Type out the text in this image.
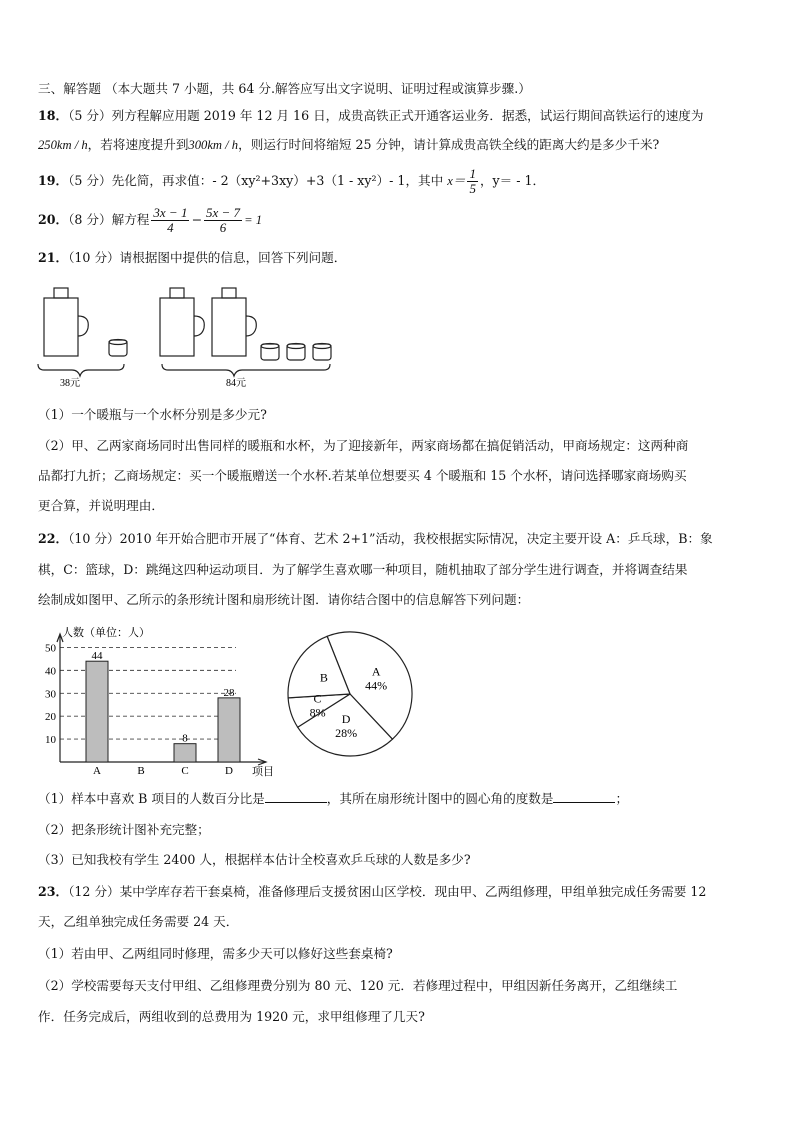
三、解答题 （本大题共 7 小题，共 64 分.解答应写出文字说明、证明过程或演算步骤.）
18．（5 分）列方程解应用题 2019 年 12 月 16 日，成贵高铁正式开通客运业务．据悉，试运行期间高铁运行的速度为
250km / h，若将速度提升到300km / h，则运行时间将缩短 25 分钟，请计算成贵高铁全线的距离大约是多少千米?
19．（5 分）先化简，再求值：- 2（xy²+3xy）+3（1 - xy²）- 1，其中 $x= \frac{1}{5}$ ，y＝ - 1．
20．（8 分）解方程 $\frac{3x - 1}{4} - \frac{5x - 7}{6} = 1$
21．（10 分）请根据图中提供的信息，回答下列问题．
38元	84元
（1）一个暖瓶与一个水杯分别是多少元?
（2）甲、乙两家商场同时出售同样的暖瓶和水杯，为了迎接新年，两家商场都在搞促销活动，甲商场规定：这两种商
品都打九折；乙商场规定：买一个暖瓶赠送一个水杯.若某单位想要买 4 个暖瓶和 15 个水杯，请问选择哪家商场购买
更合算，并说明理由．
22．（10 分）2010 年开始合肥市开展了“体育、艺术 2+1”活动，我校根据实际情况，决定主要开设 A：乒乓球，B：象
棋，C：篮球，D：跳绳这四种运动项目．为了解学生喜欢哪一种项目，随机抽取了部分学生进行调查，并将调查结果
绘制成如图甲、乙所示的条形统计图和扇形统计图．请你结合图中的信息解答下列问题：
人数（单位：人）
项目
10
20
30
40
50
44
8
28
A	B	C	D
A
44%
D
28%
C
8%
B
（1）样本中喜欢 B 项目的人数百分比是	，其所在扇形统计图中的圆心角的度数是	；
（2）把条形统计图补充完整；
（3）已知我校有学生 2400 人，根据样本估计全校喜欢乒乓球的人数是多少?
23．（12 分）某中学库存若干套桌椅，准备修理后支援贫困山区学校．现由甲、乙两组修理，甲组单独完成任务需要 12
天，乙组单独完成任务需要 24 天．
（1）若由甲、乙两组同时修理，需多少天可以修好这些套桌椅?
（2）学校需要每天支付甲组、乙组修理费分别为 80 元、120 元．若修理过程中，甲组因新任务离开，乙组继续工
作．任务完成后，两组收到的总费用为 1920 元，求甲组修理了几天?
